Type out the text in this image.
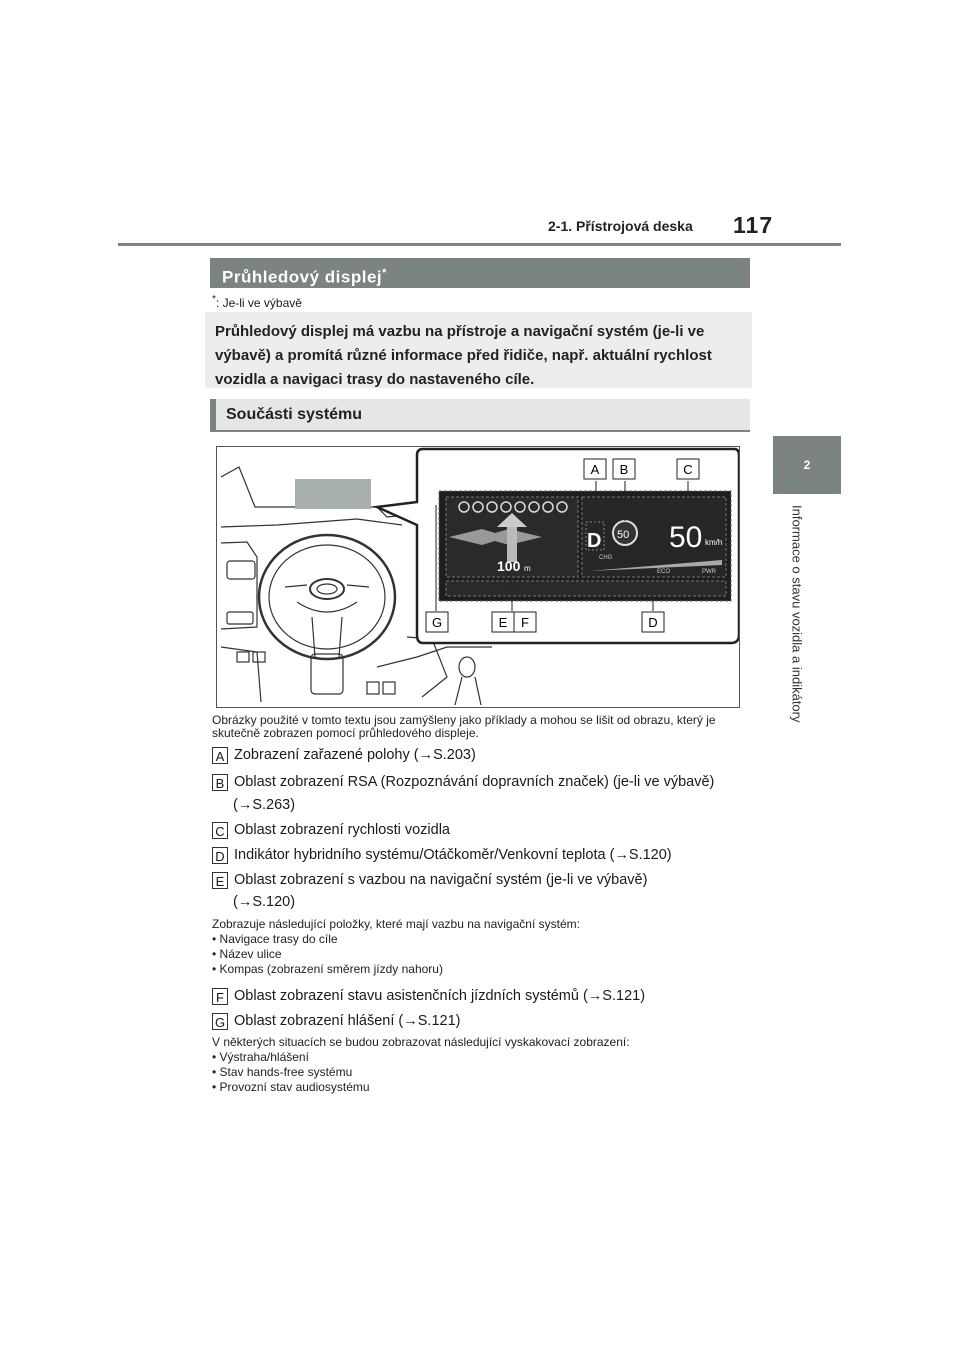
2-1. Přístrojová deska 117
2
Informace o stavu vozidla a indikátory
Průhledový displej*
*: Je-li ve výbavě
Průhledový displej má vazbu na přístroje a navigační systém (je-li ve výbavě) a promítá různé informace před řidiče, např. aktuální rychlost vozidla a navigaci trasy do nastaveného cíle.
Součásti systému
100 m
D 50 50 km/h
CHG
ECO	PWR
A B	C
D
E F
G
Obrázky použité v tomto textu jsou zamýšleny jako příklady a mohou se lišit od obrazu, který je skutečně zobrazen pomocí průhledového displeje.
A Zobrazení zařazené polohy (→S.203)
B Oblast zobrazení RSA (Rozpoznávání dopravních značek) (je-li ve výbavě)
(→S.263)
C Oblast zobrazení rychlosti vozidla
D Indikátor hybridního systému/Otáčkoměr/Venkovní teplota (→S.120)
E Oblast zobrazení s vazbou na navigační systém (je-li ve výbavě)
(→S.120)
Zobrazuje následující položky, které mají vazbu na navigační systém:
• Navigace trasy do cíle
• Název ulice
• Kompas (zobrazení směrem jízdy nahoru)
F Oblast zobrazení stavu asistenčních jízdních systémů (→S.121)
G Oblast zobrazení hlášení (→S.121)
V některých situacích se budou zobrazovat následující vyskakovací zobrazení:
• Výstraha/hlášení
• Stav hands-free systému
• Provozní stav audiosystému
